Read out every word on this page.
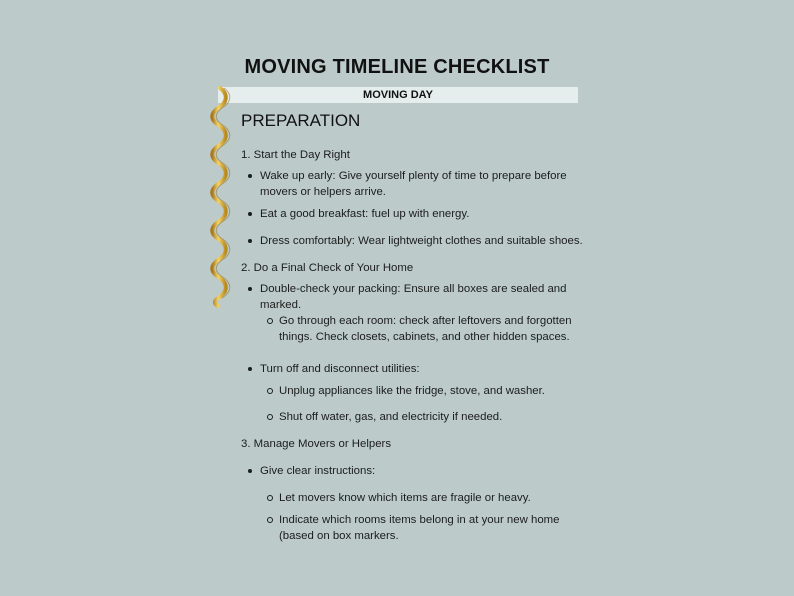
MOVING TIMELINE CHECKLIST
MOVING DAY
PREPARATION
1. Start the Day Right
Wake up early: Give yourself plenty of time to prepare before
movers or helpers arrive.
Eat a good breakfast: fuel up with energy.
Dress comfortably: Wear lightweight clothes and suitable shoes.
2. Do a Final Check of Your Home
Double-check your packing: Ensure all boxes are sealed and
marked.
Go through each room: check after leftovers and forgotten
things. Check closets, cabinets, and other hidden spaces.
Turn off and disconnect utilities:
Unplug appliances like the fridge, stove, and washer.
Shut off water, gas, and electricity if needed.
3. Manage Movers or Helpers
Give clear instructions:
Let movers know which items are fragile or heavy.
Indicate which rooms items belong in at your new home
(based on box markers.
